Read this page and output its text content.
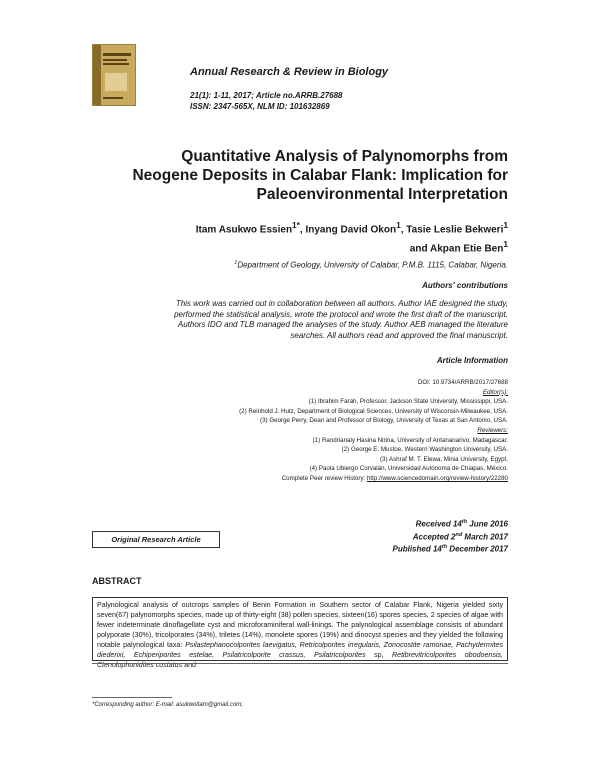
Annual Research & Review in Biology
21(1): 1-11, 2017; Article no.ARRB.27688
ISSN: 2347-565X, NLM ID: 101632869
Quantitative Analysis of Palynomorphs from
Neogene Deposits in Calabar Flank: Implication for
Paleoenvironmental Interpretation
Itam Asukwo Essien$^{1*}$, Inyang David Okon$^1$, Tasie Leslie Bekweri$^1$
and Akpan Etie Ben$^1$
$^1$Department of Geology, University of Calabar, P.M.B. 1115, Calabar, Nigeria.
Authors' contributions
This work was carried out in collaboration between all authors. Author IAE designed the study,
performed the statistical analysis, wrote the protocol and wrote the first draft of the manuscript.
Authors IDO and TLB managed the analyses of the study. Author AEB managed the literature
searches. All authors read and approved the final manuscript.
Article Information
DOI: 10.9734/ARRB/2017/27688
Editor(s):
(1) Ibrahim Farah, Professor, Jackson State University, Mississippi, USA.
(2) Reinhold J. Hutz, Department of Biological Sciences, University of Wisconsin-Milwaukee, USA.
(3) George Perry, Dean and Professor of Biology, University of Texas at San Antonio, USA.
Reviewers:
(1) Randrianaly Hasina Nirina, University of Antananarivo, Madagascar.
(2) George E. Mustoe, Western Washington University, USA.
(3) Ashraf M. T. Elewa, Minia University, Egypt.
(4) Paola Ubiergo Corvalán, Universidad Autónoma de Chiapas, México.
Complete Peer review History: http://www.sciencedomain.org/review-history/22280
Original Research Article
Received 14th June 2016
Accepted 2nd March 2017
Published 14th December 2017
ABSTRACT
Palynological analysis of outcrops samples of Benin Formation in Southern sector of Calabar Flank, Nigeria yielded sixty seven(67) palynomorphs species, made up of thirty-eight (38) pollen species, sixteen(16) spores species, 2 species of algae with fewer indeterminate dinoflagellate cyst and microforaminiferal wall-linings. The palynological assemblage consists of abundant polyporate (30%), tricolporates (34%), triletes (14%), monolete spores (19%) and dinocyst species and they yielded the following notable palynological taxa: Psilastephanocolporites laevigatus, Retricolporites irregularis, Zonocostite ramonae, Pachydermites diederixi, Echiperiporites estelae, Psilatricolporite crassus, Psilatricolporites sp, Retibrevitricolporites obodoensis, Ctenolophonidites costatus and
*Corresponding author: E-mail: asukwoitam@gmail.com;
